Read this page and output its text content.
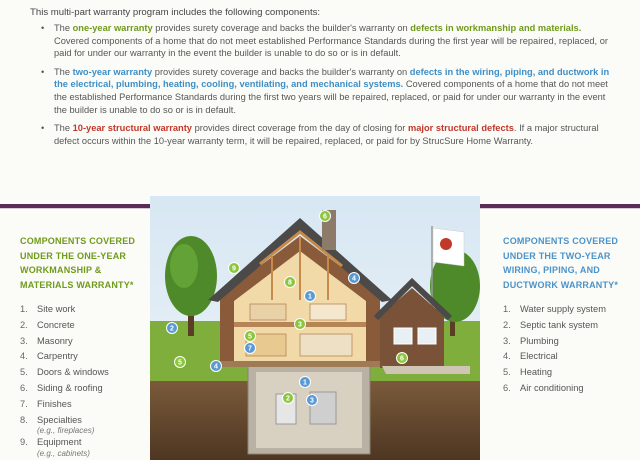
This multi-part warranty program includes the following components:
• The one-year warranty provides surety coverage and backs the builder's warranty on defects in workmanship and materials. Covered components of a home that do not meet established Performance Standards during the first year will be repaired, replaced, or paid for under our warranty in the event the builder is unable to do so or is in default.
• The two-year warranty provides surety coverage and backs the builder's warranty on defects in the wiring, piping, and ductwork in the electrical, plumbing, heating, cooling, ventilating, and mechanical systems. Covered components of a home that do not meet the established Performance Standards during the first two years will be repaired, replaced, or paid for under our warranty in the event the builder is unable to do so or is in default.
• The 10-year structural warranty provides direct coverage from the day of closing for major structural defects. If a major structural defect occurs within the 10-year warranty term, it will be repaired, replaced, or paid for by StrucSure Home Warranty.
COMPONENTS COVERED
UNDER THE ONE-YEAR
WORKMANSHIP &
MATERIALS WARRANTY*
1. Site work
2. Concrete
3. Masonry
4. Carpentry
5. Doors & windows
6. Siding & roofing
7. Finishes
8. Specialties
(e.g., fireplaces)
9. Equipment
(e.g., cabinets)
COMPONENTS COVERED
UNDER THE TWO-YEAR
WIRING, PIPING, AND
DUCTWORK WARRANTY*
1. Water supply system
2. Septic tank system
3. Plumbing
4. Electrical
5. Heating
6. Air conditioning
6
9
4
8
1
2
3
5
7
5
4
6
1
2	3
